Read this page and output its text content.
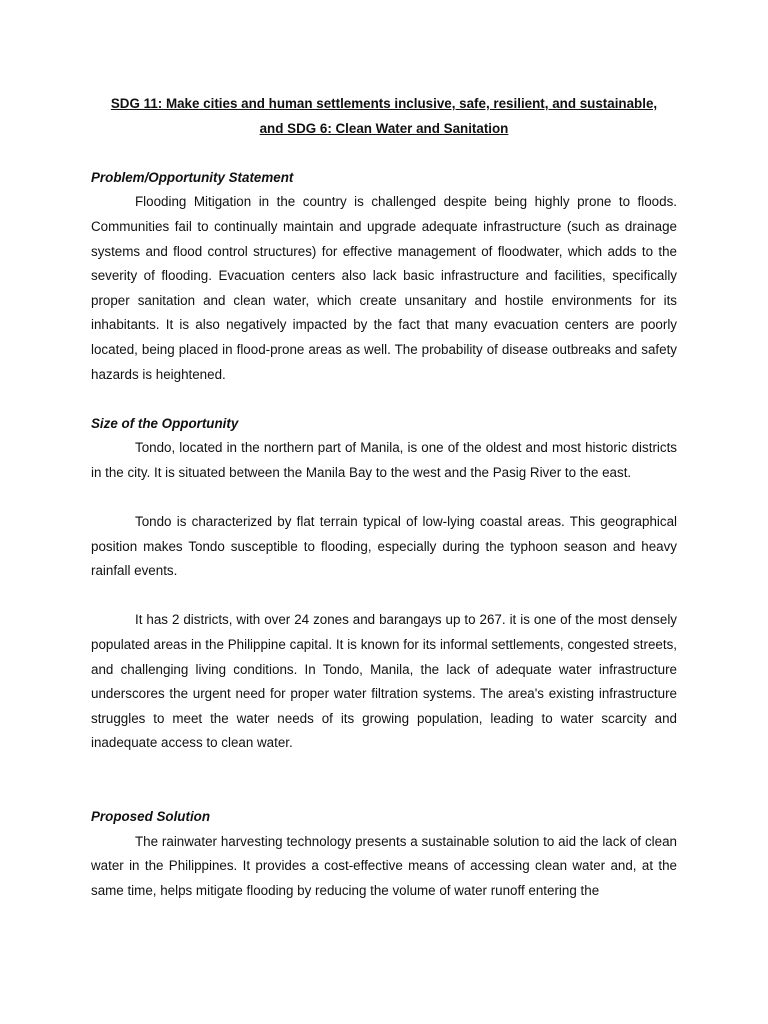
SDG 11: Make cities and human settlements inclusive, safe, resilient, and sustainable,

and SDG 6: Clean Water and Sanitation

Problem/Opportunity Statement

Flooding Mitigation in the country is challenged despite being highly prone to floods. Communities fail to continually maintain and upgrade adequate infrastructure (such as drainage systems and flood control structures) for effective management of floodwater, which adds to the severity of flooding. Evacuation centers also lack basic infrastructure and facilities, specifically proper sanitation and clean water, which create unsanitary and hostile environments for its inhabitants. It is also negatively impacted by the fact that many evacuation centers are poorly located, being placed in flood-prone areas as well. The probability of disease outbreaks and safety hazards is heightened.

Size of the Opportunity

Tondo, located in the northern part of Manila, is one of the oldest and most historic districts in the city. It is situated between the Manila Bay to the west and the Pasig River to the east.

Tondo is characterized by flat terrain typical of low-lying coastal areas. This geographical position makes Tondo susceptible to flooding, especially during the typhoon season and heavy rainfall events.

It has 2 districts, with over 24 zones and barangays up to 267. it is one of the most densely populated areas in the Philippine capital. It is known for its informal settlements, congested streets, and challenging living conditions. In Tondo, Manila, the lack of adequate water infrastructure underscores the urgent need for proper water filtration systems. The area's existing infrastructure struggles to meet the water needs of its growing population, leading to water scarcity and inadequate access to clean water.

Proposed Solution

The rainwater harvesting technology presents a sustainable solution to aid the lack of clean water in the Philippines. It provides a cost-effective means of accessing clean water and, at the same time, helps mitigate flooding by reducing the volume of water runoff entering the
